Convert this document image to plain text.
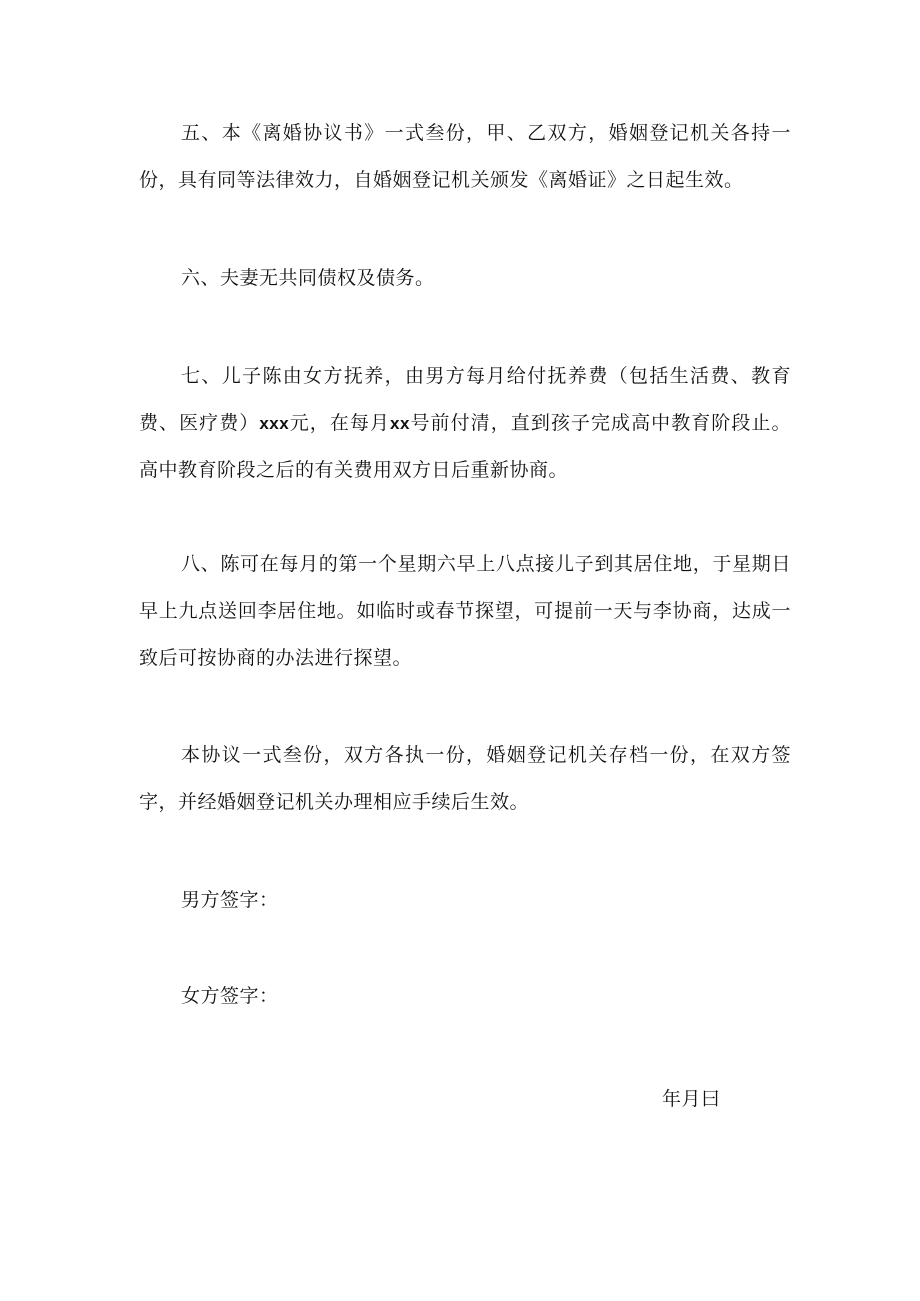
五、本《离婚协议书》一式叁份，甲、乙双方，婚姻登记机关各持一份，具有同等法律效力，自婚姻登记机关颁发《离婚证》之日起生效。

六、夫妻无共同债权及债务。

七、儿子陈由女方抚养，由男方每月给付抚养费（包括生活费、教育费、医疗费）xxx元，在每月xx号前付清，直到孩子完成高中教育阶段止。高中教育阶段之后的有关费用双方日后重新协商。

八、陈可在每月的第一个星期六早上八点接儿子到其居住地，于星期日早上九点送回李居住地。如临时或春节探望，可提前一天与李协商，达成一致后可按协商的办法进行探望。

本协议一式叁份，双方各执一份，婚姻登记机关存档一份，在双方签字，并经婚姻登记机关办理相应手续后生效。

男方签字：

女方签字：

年月曰
